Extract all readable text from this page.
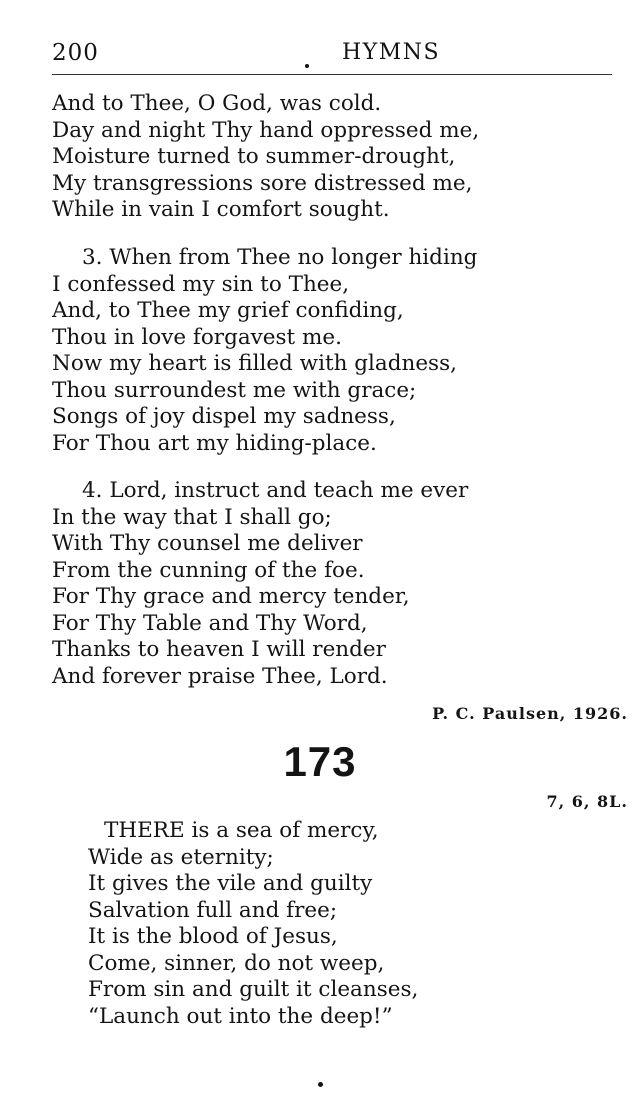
200	HYMNS
And to Thee, O God, was cold.
Day and night Thy hand oppressed me,
Moisture turned to summer-drought,
My transgressions sore distressed me,
While in vain I comfort sought.
3. When from Thee no longer hiding
I confessed my sin to Thee,
And, to Thee my grief confiding,
Thou in love forgavest me.
Now my heart is filled with gladness,
Thou surroundest me with grace;
Songs of joy dispel my sadness,
For Thou art my hiding-place.
4. Lord, instruct and teach me ever
In the way that I shall go;
With Thy counsel me deliver
From the cunning of the foe.
For Thy grace and mercy tender,
For Thy Table and Thy Word,
Thanks to heaven I will render
And forever praise Thee, Lord.
P. C. Paulsen, 1926.
173
7, 6, 8L.
THERE is a sea of mercy,
Wide as eternity;
It gives the vile and guilty
Salvation full and free;
It is the blood of Jesus,
Come, sinner, do not weep,
From sin and guilt it cleanses,
“Launch out into the deep!”
